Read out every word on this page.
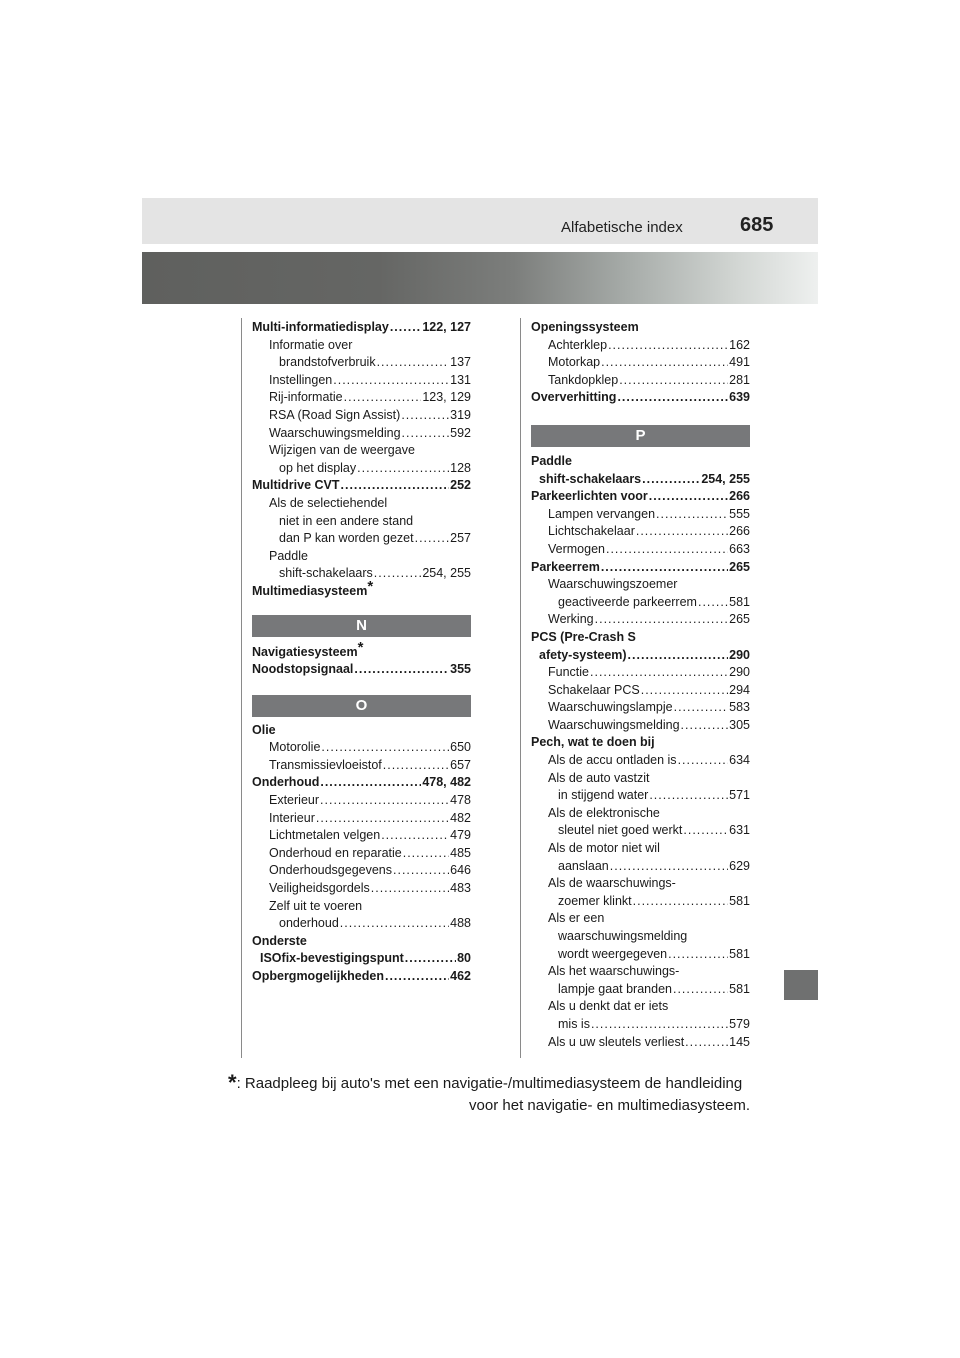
Alfabetische index	685
Multi-informatiedisplay .....	122, 127
Informatie over
brandstofverbruik .....	137
Instellingen .....	131
Rij-informatie .....	123, 129
RSA (Road Sign Assist) .....	319
Waarschuwingsmelding .....	592
Wijzigen van de weergave
op het display .....	128
Multidrive CVT .....	252
Als de selectiehendel
niet in een andere stand
dan P kan worden gezet .....	257
Paddle
shift-schakelaars .....	254, 255
Multimediasysteem*
N
Navigatiesysteem*
Noodstopsignaal .....	355
O
Olie
Motorolie .....	650
Transmissievloeistof .....	657
Onderhoud .....	478, 482
Exterieur .....	478
Interieur .....	482
Lichtmetalen velgen .....	479
Onderhoud en reparatie .....	485
Onderhoudsgegevens .....	646
Veiligheidsgordels .....	483
Zelf uit te voeren
onderhoud .....	488
Onderste
ISOfix-bevestigingspunt .....	80
Opbergmogelijkheden .....	462
Openingssysteem
Achterklep .....	162
Motorkap .....	491
Tankdopklep .....	281
Oververhitting .....	639
P
Paddle
shift-schakelaars .....	254, 255
Parkeerlichten voor .....	266
Lampen vervangen .....	555
Lichtschakelaar .....	266
Vermogen .....	663
Parkeerrem .....	265
Waarschuwingszoemer
geactiveerde parkeerrem .....	581
Werking .....	265
PCS (Pre-Crash S
afety-systeem) .....	290
Functie .....	290
Schakelaar PCS .....	294
Waarschuwingslampje .....	583
Waarschuwingsmelding .....	305
Pech, wat te doen bij
Als de accu ontladen is .....	634
Als de auto vastzit
in stijgend water .....	571
Als de elektronische
sleutel niet goed werkt .....	631
Als de motor niet wil
aanslaan .....	629
Als de waarschuwings-
zoemer klinkt .....	581
Als er een
waarschuwingsmelding
wordt weergegeven .....	581
Als het waarschuwings-
lampje gaat branden .....	581
Als u denkt dat er iets
mis is .....	579
Als u uw sleutels verliest .....	145
*: Raadpleeg bij auto's met een navigatie-/multimediasysteem de handleiding
voor het navigatie- en multimediasysteem.
